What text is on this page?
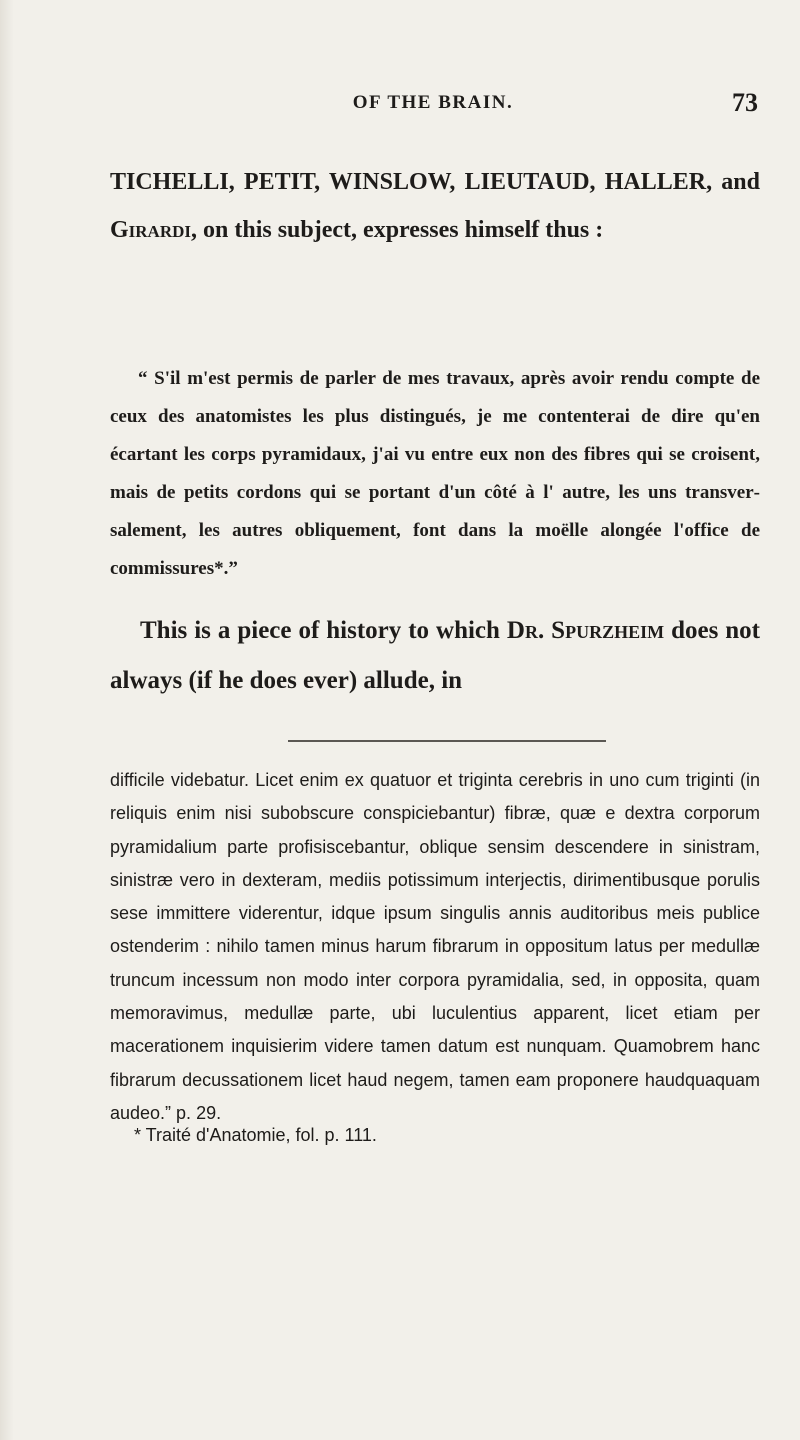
OF THE BRAIN.	73
TICHELLI, PETIT, WINSLOW, LIEUTAUD, HALLER, and Girardi, on this subject, expresses himself thus :
“ S'il m'est permis de parler de mes travaux, après avoir rendu compte de ceux des anatomistes les plus distingués, je me contenterai de dire qu'en écartant les corps pyramidaux, j'ai vu entre eux non des fibres qui se croisent, mais de petits cordons qui se portant d'un côté à l' autre, les uns transversalement, les autres obliquement, font dans la moëlle alongée l'office de commissures*.”
This is a piece of history to which Dr. Spurzheim does not always (if he does ever) allude, in
difficile videbatur. Licet enim ex quatuor et triginta cerebris in uno cum triginti (in reliquis enim nisi subobscure conspiciebantur) fibræ, quæ e dextra corporum pyramidalium parte profisiscebantur, oblique sensim descendere in sinistram, sinistræ vero in dexteram, mediis potissimum interjectis, dirimentibusque porulis sese immittere viderentur, idque ipsum singulis annis auditoribus meis publice ostenderim : nihilo tamen minus harum fibrarum in oppositum latus per medullæ truncum incessum non modo inter corpora pyramidalia, sed, in opposita, quam memoravimus, medullæ parte, ubi luculentius apparent, licet etiam per macerationem inquisierim videre tamen datum est nunquam. Quamobrem hanc fibrarum decussationem licet haud negem, tamen eam proponere haudquaquam audeo.” p. 29.
* Traité d'Anatomie, fol. p. 111.
